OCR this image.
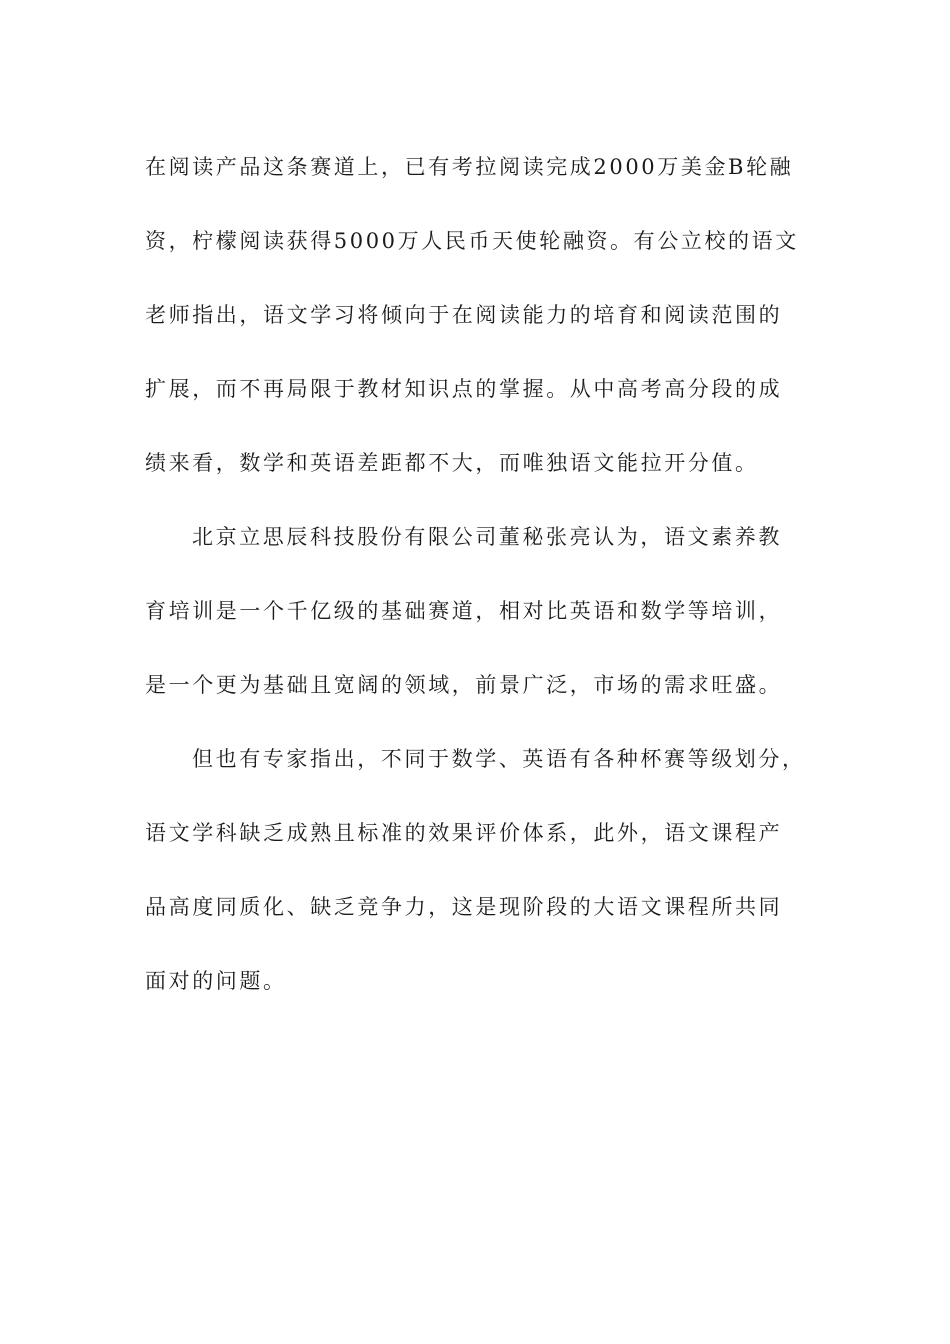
在阅读产品这条赛道上，已有考拉阅读完成2000万美金B轮融
资，柠檬阅读获得5000万人民币天使轮融资。有公立校的语文
老师指出，语文学习将倾向于在阅读能力的培育和阅读范围的
扩展，而不再局限于教材知识点的掌握。从中高考高分段的成
绩来看，数学和英语差距都不大，而唯独语文能拉开分值。
北京立思辰科技股份有限公司董秘张亮认为，语文素养教
育培训是一个千亿级的基础赛道，相对比英语和数学等培训，
是一个更为基础且宽阔的领域，前景广泛，市场的需求旺盛。
但也有专家指出，不同于数学、英语有各种杯赛等级划分，
语文学科缺乏成熟且标准的效果评价体系，此外，语文课程产
品高度同质化、缺乏竞争力，这是现阶段的大语文课程所共同
面对的问题。
